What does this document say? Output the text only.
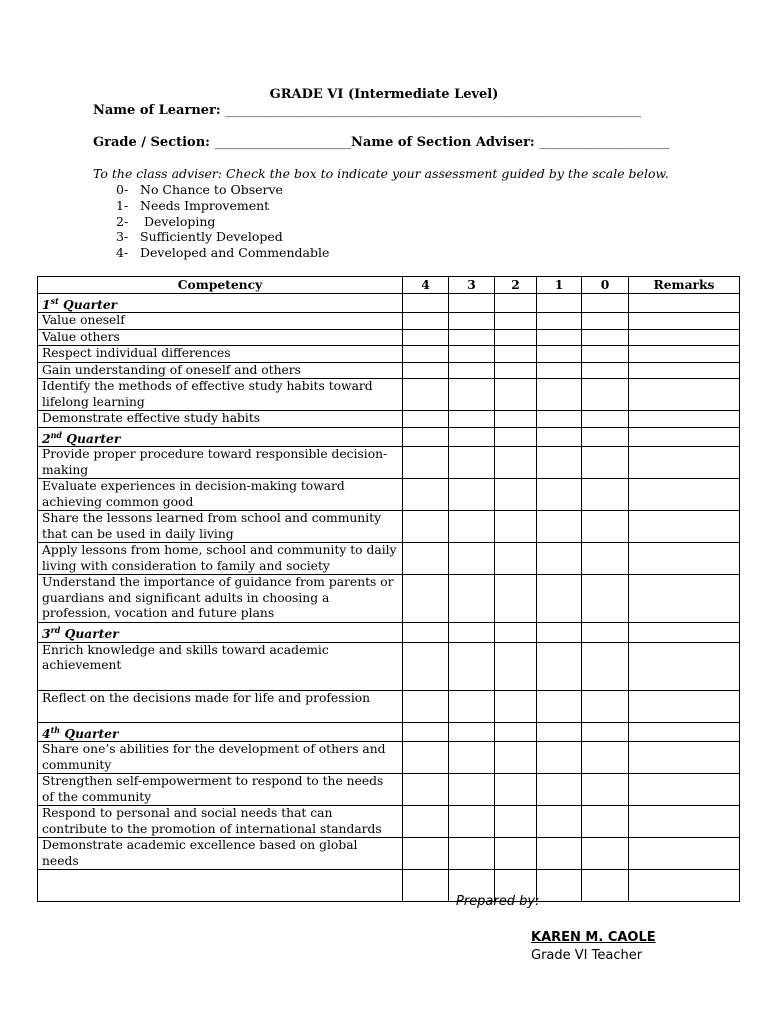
GRADE VI (Intermediate Level)
Name of Learner: ________________________________________________________________
Grade / Section: _____________________Name of Section Adviser: ____________________
To the class adviser: Check the box to indicate your assessment guided by the scale below.
0- No Chance to Observe
1- Needs Improvement
2- Developing
3- Sufficiently Developed
4- Developed and Commendable
Competency	4	3	2	1	0	Remarks
1st Quarter						
Value oneself						
Value others						
Respect individual differences						
Gain understanding of oneself and others						
Identify the methods of effective study habits toward lifelong learning						
Demonstrate effective study habits						
2nd Quarter						
Provide proper procedure toward responsible decision-making						
Evaluate experiences in decision-making toward achieving common good						
Share the lessons learned from school and community that can be used in daily living						
Apply lessons from home, school and community to daily living with consideration to family and society						
Understand the importance of guidance from parents or guardians and significant adults in choosing a profession, vocation and future plans						
3rd Quarter						
Enrich knowledge and skills toward academic achievement						
Reflect on the decisions made for life and profession						
4th Quarter						
Share one’s abilities for the development of others and community						
Strengthen self-empowerment to respond to the needs of the community						
Respond to personal and social needs that can contribute to the promotion of international standards						
Demonstrate academic excellence based on global needs						

Prepared by:
KAREN M. CAOLE
Grade VI Teacher
